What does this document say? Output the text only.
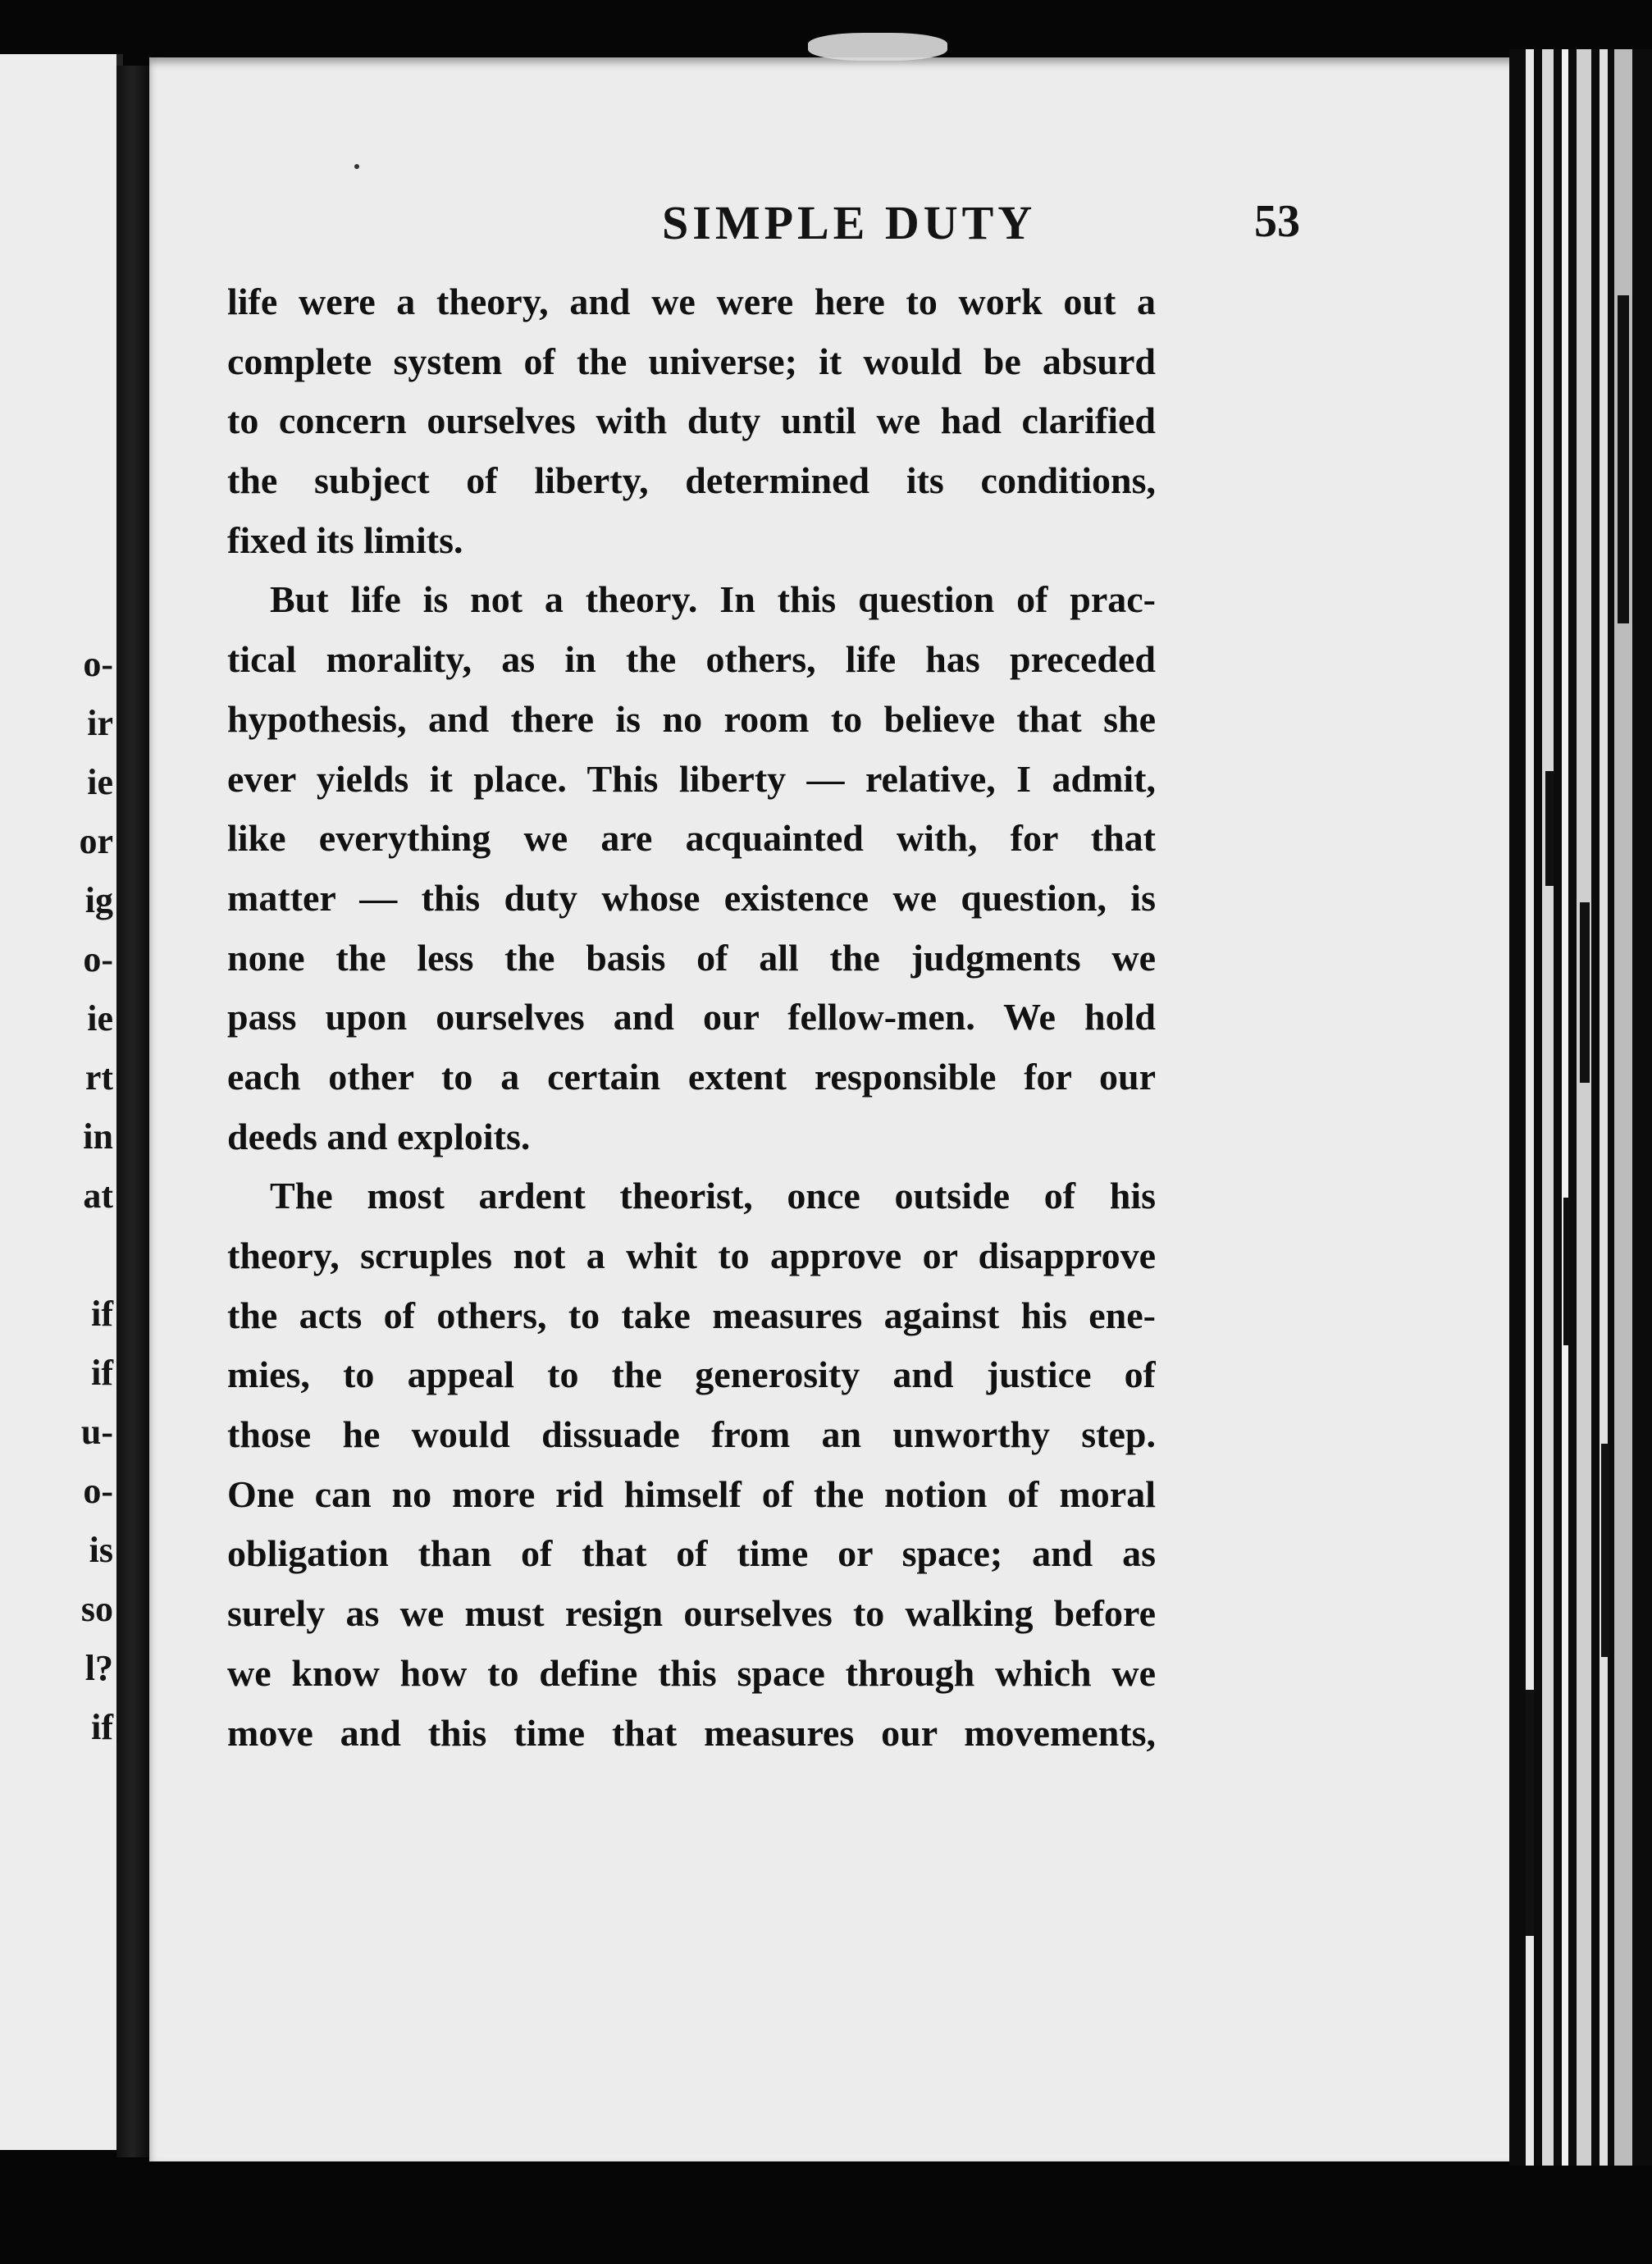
o-
ir
ie
or
ig
o-
ie
rt
in
at
if
if
u-
o-
is
so
l?
if
SIMPLE DUTY	53
life were a theory, and we were here to work out a
complete system of the universe; it would be absurd
to concern ourselves with duty until we had clarified
the subject of liberty, determined its conditions,
fixed its limits.
But life is not a theory. In this question of prac-
tical morality, as in the others, life has preceded
hypothesis, and there is no room to believe that she
ever yields it place. This liberty — relative, I admit,
like everything we are acquainted with, for that
matter — this duty whose existence we question, is
none the less the basis of all the judgments we
pass upon ourselves and our fellow-men. We hold
each other to a certain extent responsible for our
deeds and exploits.
The most ardent theorist, once outside of his
theory, scruples not a whit to approve or disapprove
the acts of others, to take measures against his ene-
mies, to appeal to the generosity and justice of
those he would dissuade from an unworthy step.
One can no more rid himself of the notion of moral
obligation than of that of time or space; and as
surely as we must resign ourselves to walking before
we know how to define this space through which we
move and this time that measures our movements,
